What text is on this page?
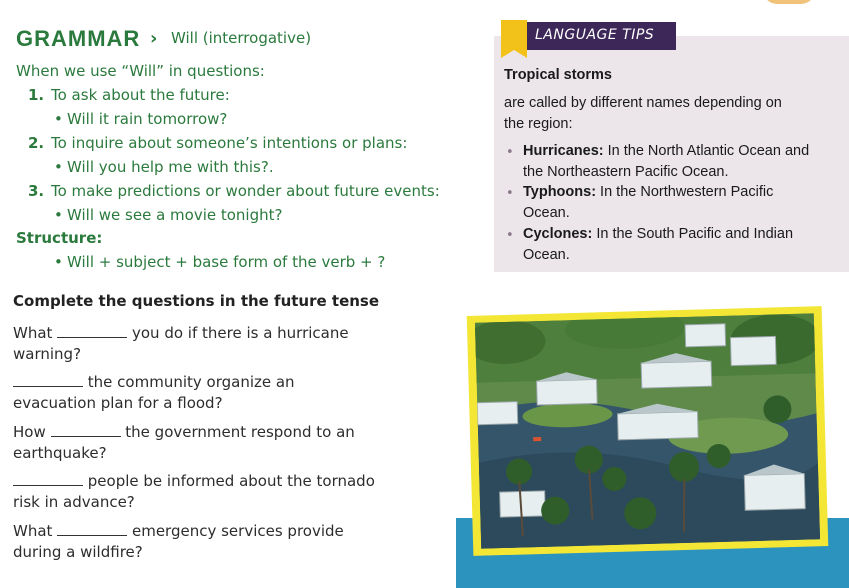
GRAMMAR › Will (interrogative)
When we use “Will” in questions:
1. To ask about the future:
• Will it rain tomorrow?
2. To inquire about someone’s intentions or plans:
• Will you help me with this?.
3. To make predictions or wonder about future events:
• Will we see a movie tonight?
Structure:
• Will + subject + base form of the verb + ?
LANGUAGE TIPS
Tropical storms
are called by different names depending on
the region:
• Hurricanes: In the North Atlantic Ocean and
the Northeastern Pacific Ocean.
• Typhoons: In the Northwestern Pacific
Ocean.
• Cyclones: In the South Pacific and Indian
Ocean.
Complete the questions in the future tense
What	you do if there is a hurricane
warning?
the community organize an
evacuation plan for a flood?
How	the government respond to an
earthquake?
people be informed about the tornado
risk in advance?
What	emergency services provide
during a wildfire?
